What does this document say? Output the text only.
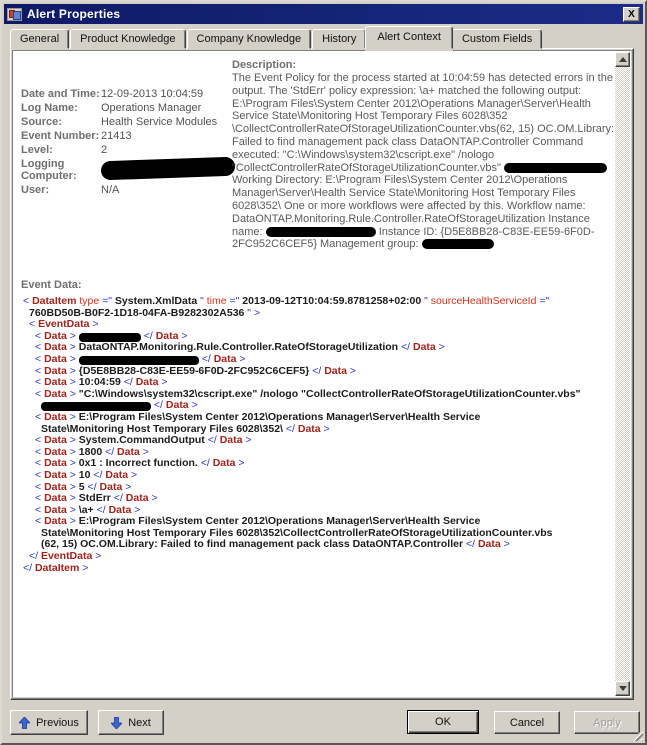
Alert Properties	X
General	Product Knowledge	Company Knowledge	History	Alert Context	Custom Fields
Date and Time: 12-09-2013 10:04:59
Log Name:	Operations Manager
Source:	Health Service Modules
Event Number: 21413
Level:	2
Logging Computer:
User:	N/A
Description:
The Event Policy for the process started at 10:04:59 has detected errors in the output. The 'StdErr' policy expression: \a+ matched the following output: E:\Program Files\System Center 2012\Operations Manager\Server\Health Service State\Monitoring Host Temporary Files 6028\352 \CollectControllerRateOfStorageUtilizationCounter.vbs(62, 15) OC.OM.Library: Failed to find management pack class DataONTAP.Controller Command executed: "C:\Windows\system32\cscript.exe" /nologo "CollectControllerRateOfStorageUtilizationCounter.vbs"  Working Directory: E:\Program Files\System Center 2012\Operations Manager\Server\Health Service State\Monitoring Host Temporary Files 6028\352\ One or more workflows were affected by this. Workflow name: DataONTAP.Monitoring.Rule.Controller.RateOfStorageUtilization Instance name:	Instance ID: {D5E8BB28-C83E-EE59-6F0D-2FC952C6CEF5} Management group:
Event Data:
< DataItem type =" System.XmlData " time =" 2013-09-12T10:04:59.8781258+02:00 " sourceHealthServiceId ="
760BD50B-B0F2-1D18-04FA-B9282302A536 " >
< EventData >
< Data >	</ Data >
< Data > DataONTAP.Monitoring.Rule.Controller.RateOfStorageUtilization </ Data >
< Data >	</ Data >
< Data > {D5E8BB28-C83E-EE59-6F0D-2FC952C6CEF5} </ Data >
< Data > 10:04:59 </ Data >
< Data > "C:\Windows\system32\cscript.exe" /nologo "CollectControllerRateOfStorageUtilizationCounter.vbs"
</ Data >
< Data > E:\Program Files\System Center 2012\Operations Manager\Server\Health Service
State\Monitoring Host Temporary Files 6028\352\ </ Data >
< Data > System.CommandOutput </ Data >
< Data > 1800 </ Data >
< Data > 0x1 : Incorrect function. </ Data >
< Data > 10 </ Data >
< Data > 5 </ Data >
< Data > StdErr </ Data >
< Data > \a+ </ Data >
< Data > E:\Program Files\System Center 2012\Operations Manager\Server\Health Service
State\Monitoring Host Temporary Files 6028\352\CollectControllerRateOfStorageUtilizationCounter.vbs
(62, 15) OC.OM.Library: Failed to find management pack class DataONTAP.Controller </ Data >
</ EventData >
</ DataItem >
Previous	Next	OK	Cancel	Apply
